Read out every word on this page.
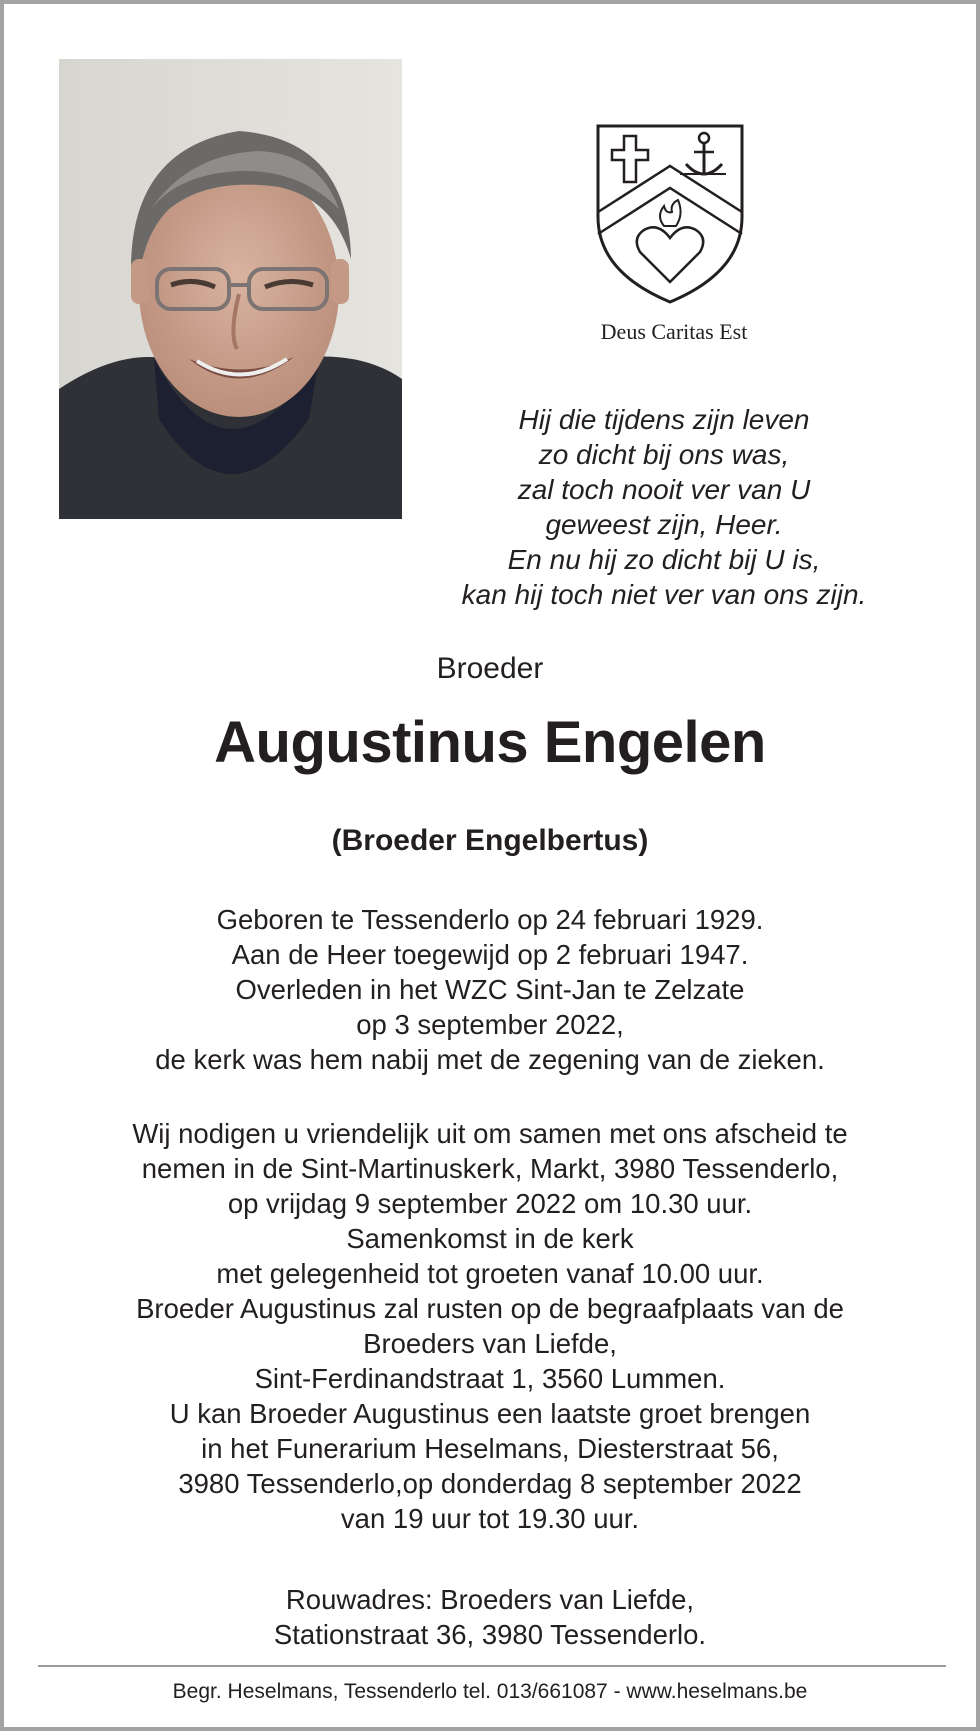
Deus Caritas Est
Hij die tijdens zijn leven
zo dicht bij ons was,
zal toch nooit ver van U
geweest zijn, Heer.
En nu hij zo dicht bij U is,
kan hij toch niet ver van ons zijn.
Broeder
Augustinus Engelen
(Broeder Engelbertus)
Geboren te Tessenderlo op 24 februari 1929.
Aan de Heer toegewijd op 2 februari 1947.
Overleden in het WZC Sint-Jan te Zelzate
op 3 september 2022,
de kerk was hem nabij met de zegening van de zieken.
Wij nodigen u vriendelijk uit om samen met ons afscheid te
nemen in de Sint-Martinuskerk, Markt, 3980 Tessenderlo,
op vrijdag 9 september 2022 om 10.30 uur.
Samenkomst in de kerk
met gelegenheid tot groeten vanaf 10.00 uur.
Broeder Augustinus zal rusten op de begraafplaats van de
Broeders van Liefde,
Sint-Ferdinandstraat 1, 3560 Lummen.
U kan Broeder Augustinus een laatste groet brengen
in het Funerarium Heselmans, Diesterstraat 56,
3980 Tessenderlo,op donderdag 8 september 2022
van 19 uur tot 19.30 uur.
Rouwadres: Broeders van Liefde,
Stationstraat 36, 3980 Tessenderlo.
Begr. Heselmans, Tessenderlo tel. 013/661087 - www.heselmans.be
